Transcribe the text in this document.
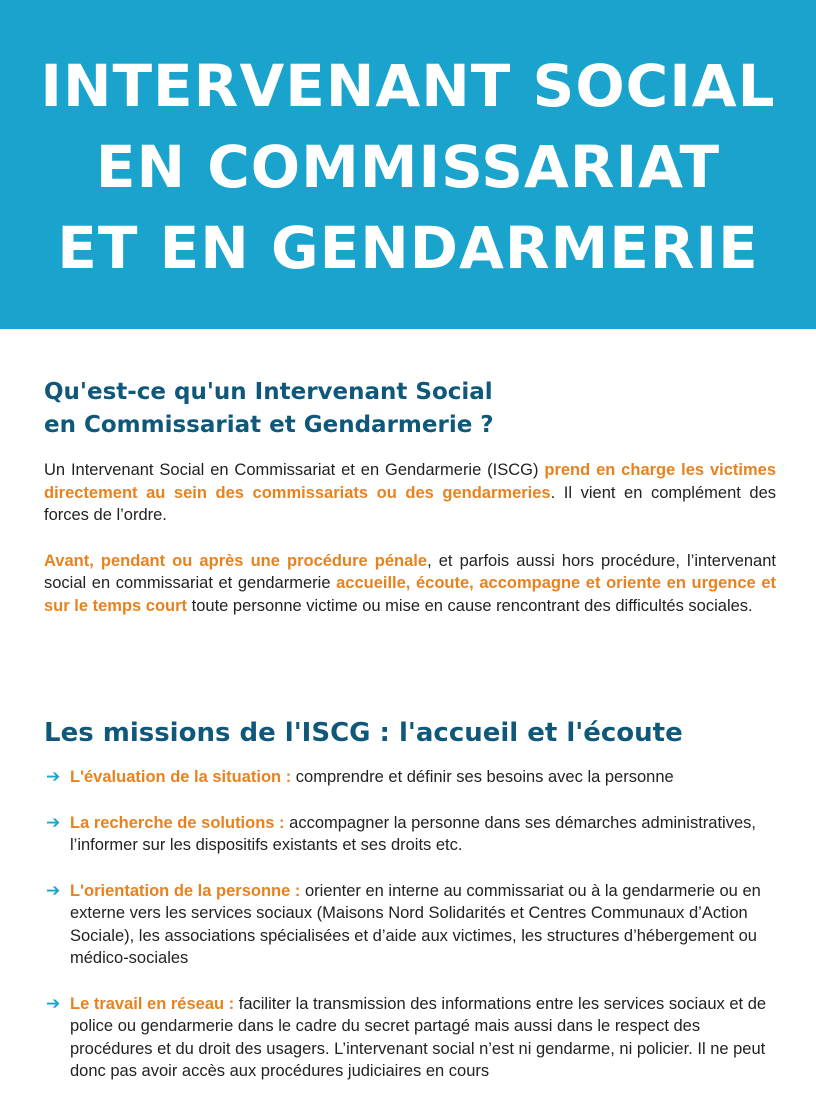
INTERVENANT SOCIAL
EN COMMISSARIAT
ET EN GENDARMERIE
Qu'est-ce qu'un Intervenant Social
en Commissariat et Gendarmerie ?

Un Intervenant Social en Commissariat et en Gendarmerie (ISCG) prend en charge les victimes directement au sein des commissariats ou des gendarmeries. Il vient en complément des forces de l’ordre.

Avant, pendant ou après une procédure pénale, et parfois aussi hors procédure, l’intervenant social en commissariat et gendarmerie accueille, écoute, accompagne et oriente en urgence et sur le temps court toute personne victime ou mise en cause rencontrant des difficultés sociales.

Les missions de l'ISCG : l'accueil et l'écoute
➔ L'évaluation de la situation : comprendre et définir ses besoins avec la personne
➔ La recherche de solutions : accompagner la personne dans ses démarches administratives, l’informer sur les dispositifs existants et ses droits etc.
➔ L'orientation de la personne : orienter en interne au commissariat ou à la gendarmerie ou en externe vers les services sociaux (Maisons Nord Solidarités et Centres Communaux d’Action Sociale), les associations spécialisées et d’aide aux victimes, les structures d’hébergement ou médico-sociales
➔ Le travail en réseau : faciliter la transmission des informations entre les services sociaux et de police ou gendarmerie dans le cadre du secret partagé mais aussi dans le respect des procédures et du droit des usagers. L’intervenant social n’est ni gendarme, ni policier. Il ne peut donc pas avoir accès aux procédures judiciaires en cours
